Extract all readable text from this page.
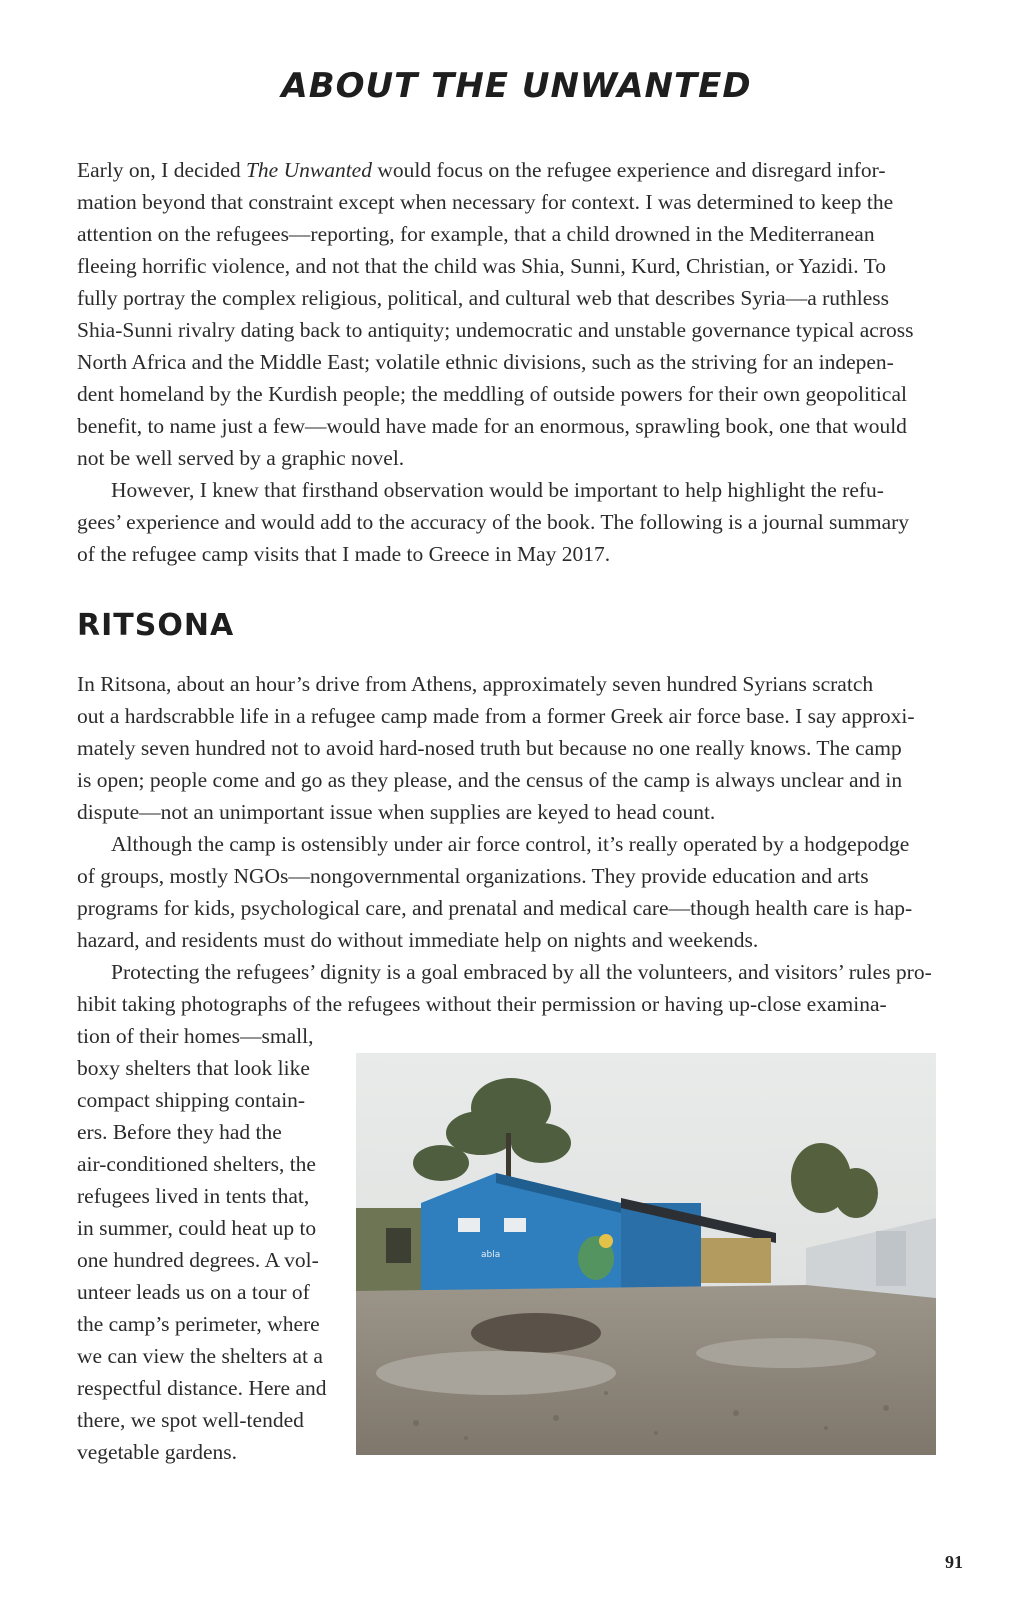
ABOUT THE UNWANTED
Early on, I decided The Unwanted would focus on the refugee experience and disregard infor-
mation beyond that constraint except when necessary for context. I was determined to keep the
attention on the refugees—reporting, for example, that a child drowned in the Mediterranean
fleeing horrific violence, and not that the child was Shia, Sunni, Kurd, Christian, or Yazidi. To
fully portray the complex religious, political, and cultural web that describes Syria—a ruthless
Shia-Sunni rivalry dating back to antiquity; undemocratic and unstable governance typical across
North Africa and the Middle East; volatile ethnic divisions, such as the striving for an indepen-
dent homeland by the Kurdish people; the meddling of outside powers for their own geopolitical
benefit, to name just a few—would have made for an enormous, sprawling book, one that would
not be well served by a graphic novel.
However, I knew that firsthand observation would be important to help highlight the refu-
gees’ experience and would add to the accuracy of the book. The following is a journal summary
of the refugee camp visits that I made to Greece in May 2017.
RITSONA
In Ritsona, about an hour’s drive from Athens, approximately seven hundred Syrians scratch
out a hardscrabble life in a refugee camp made from a former Greek air force base. I say approxi-
mately seven hundred not to avoid hard-nosed truth but because no one really knows. The camp
is open; people come and go as they please, and the census of the camp is always unclear and in
dispute—not an unimportant issue when supplies are keyed to head count.
Although the camp is ostensibly under air force control, it’s really operated by a hodgepodge
of groups, mostly NGOs—nongovernmental organizations. They provide education and arts
programs for kids, psychological care, and prenatal and medical care—though health care is hap-
hazard, and residents must do without immediate help on nights and weekends.
Protecting the refugees’ dignity is a goal embraced by all the volunteers, and visitors’ rules pro-
hibit taking photographs of the refugees without their permission or having up-close examina-
tion of their homes—small,
boxy shelters that look like
compact shipping contain-
ers. Before they had the
air-conditioned shelters, the
refugees lived in tents that,
in summer, could heat up to
one hundred degrees. A vol-
unteer leads us on a tour of
the camp’s perimeter, where
we can view the shelters at a
respectful distance. Here and
there, we spot well-tended
vegetable gardens.
abla
91
